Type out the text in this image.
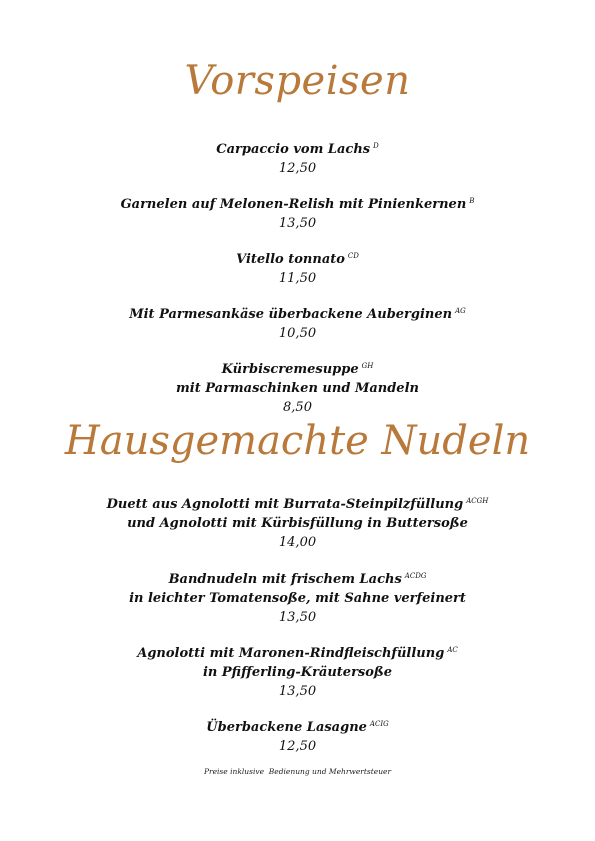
Vorspeisen
Carpaccio vom Lachs $^D$
12,50
Garnelen auf Melonen-Relish mit Pinienkernen $^B$
13,50
Vitello tonnato $^{CD}$
11,50
Mit Parmesankäse überbackene Auberginen $^{AG}$
10,50
Kürbiscremesuppe $^{GH}$
mit Parmaschinken und Mandeln
8,50
Hausgemachte Nudeln
Duett aus Agnolotti mit Burrata-Steinpilzfüllung $^{ACGH}$
und Agnolotti mit Kürbisfüllung in Buttersoße
14,00
Bandnudeln mit frischem Lachs $^{ACDG}$
in leichter Tomatensoße, mit Sahne verfeinert
13,50
Agnolotti mit Maronen-Rindfleischfüllung $^{AC}$
in Pfifferling-Kräutersoße
13,50
Überbackene Lasagne $^{ACIG}$
12,50
Preise inklusive  Bedienung und Mehrwertsteuer
